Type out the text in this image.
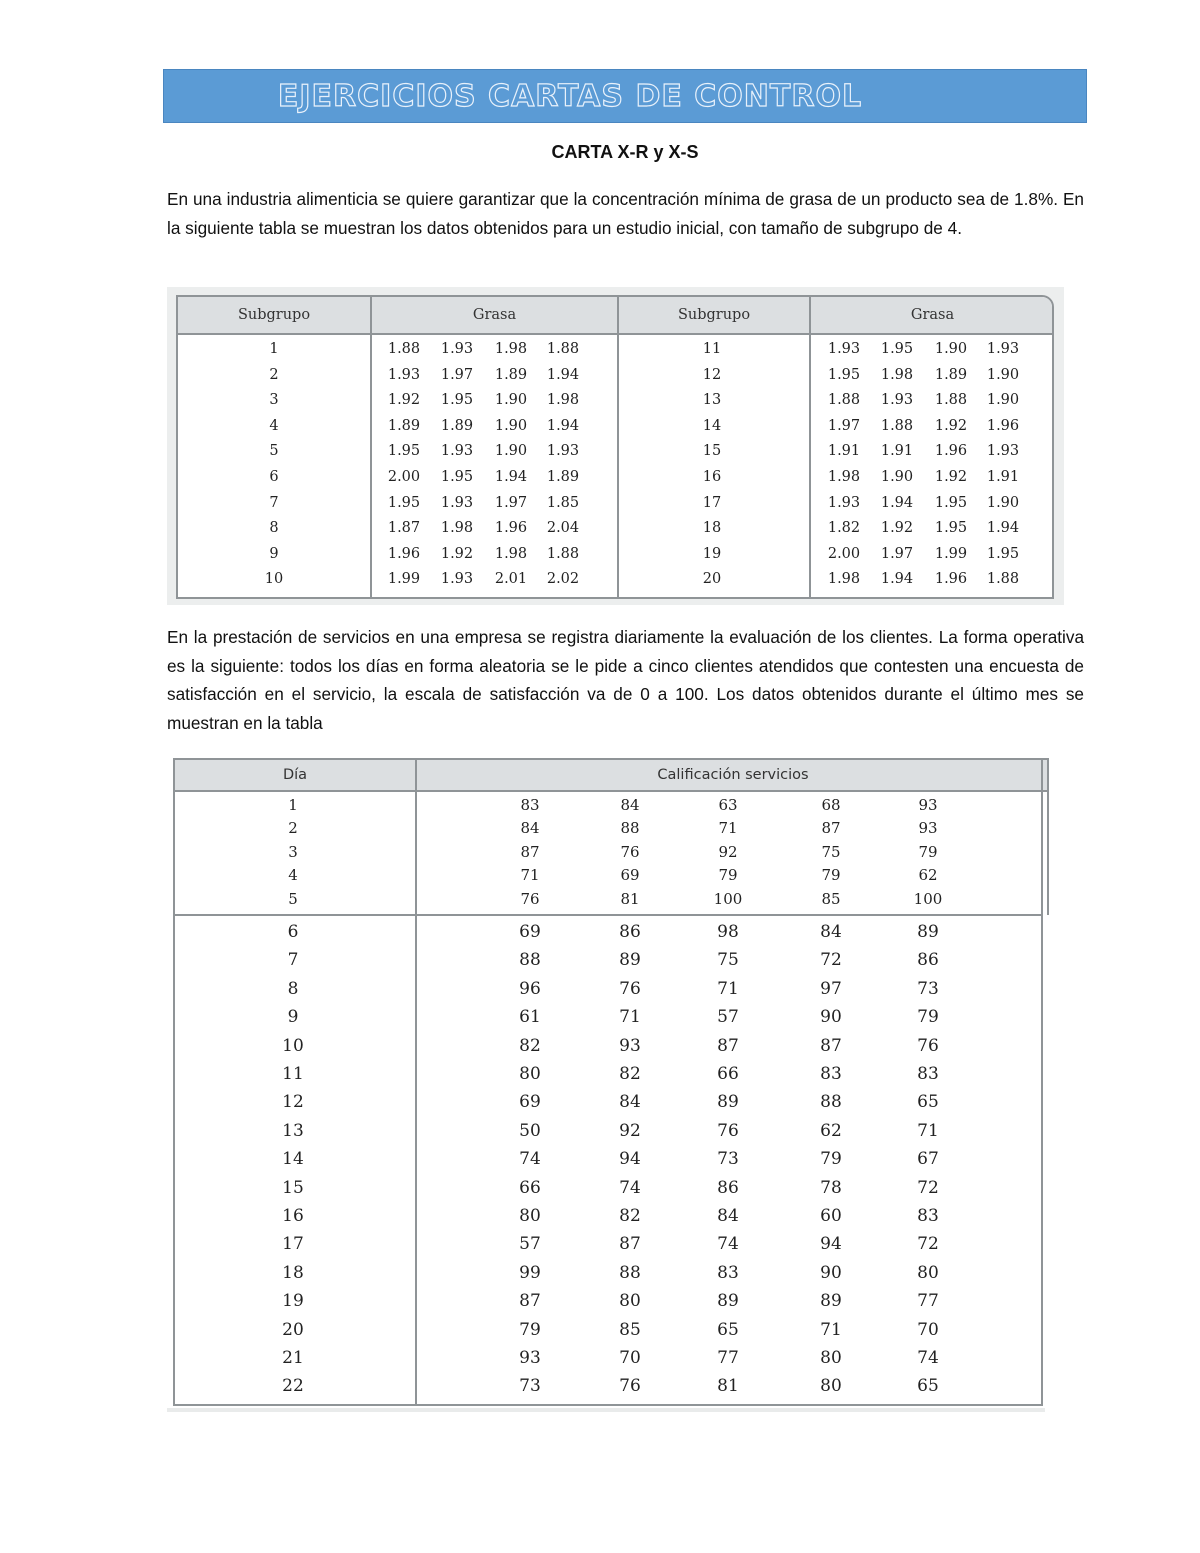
EJERCICIOS CARTAS DE CONTROL
CARTA X-R y X-S
En una industria alimenticia se quiere garantizar que la concentración mínima de grasa de un producto sea de 1.8%. En la siguiente tabla se muestran los datos obtenidos para un estudio inicial, con tamaño de subgrupo de 4.
Subgrupo	Grasa	Subgrupo	Grasa
1	1.88	1.93	1.98	1.88	11	1.93	1.95	1.90	1.93
2	1.93	1.97	1.89	1.94	12	1.95	1.98	1.89	1.90
3	1.92	1.95	1.90	1.98	13	1.88	1.93	1.88	1.90
4	1.89	1.89	1.90	1.94	14	1.97	1.88	1.92	1.96
5	1.95	1.93	1.90	1.93	15	1.91	1.91	1.96	1.93
6	2.00	1.95	1.94	1.89	16	1.98	1.90	1.92	1.91
7	1.95	1.93	1.97	1.85	17	1.93	1.94	1.95	1.90
8	1.87	1.98	1.96	2.04	18	1.82	1.92	1.95	1.94
9	1.96	1.92	1.98	1.88	19	2.00	1.97	1.99	1.95
10	1.99	1.93	2.01	2.02	20	1.98	1.94	1.96	1.88
En la prestación de servicios en una empresa se registra diariamente la evaluación de los clientes. La forma operativa es la siguiente: todos los días en forma aleatoria se le pide a cinco clientes atendidos que contesten una encuesta de satisfacción en el servicio, la escala de satisfacción va de 0 a 100. Los datos obtenidos durante el último mes se muestran en la tabla
Día	Calificación servicios
1	83	84	63	68	93
2	84	88	71	87	93
3	87	76	92	75	79
4	71	69	79	79	62
5	76	81	100	85	100
6	69	86	98	84	89
7	88	89	75	72	86
8	96	76	71	97	73
9	61	71	57	90	79
10	82	93	87	87	76
11	80	82	66	83	83
12	69	84	89	88	65
13	50	92	76	62	71
14	74	94	73	79	67
15	66	74	86	78	72
16	80	82	84	60	83
17	57	87	74	94	72
18	99	88	83	90	80
19	87	80	89	89	77
20	79	85	65	71	70
21	93	70	77	80	74
22	73	76	81	80	65
